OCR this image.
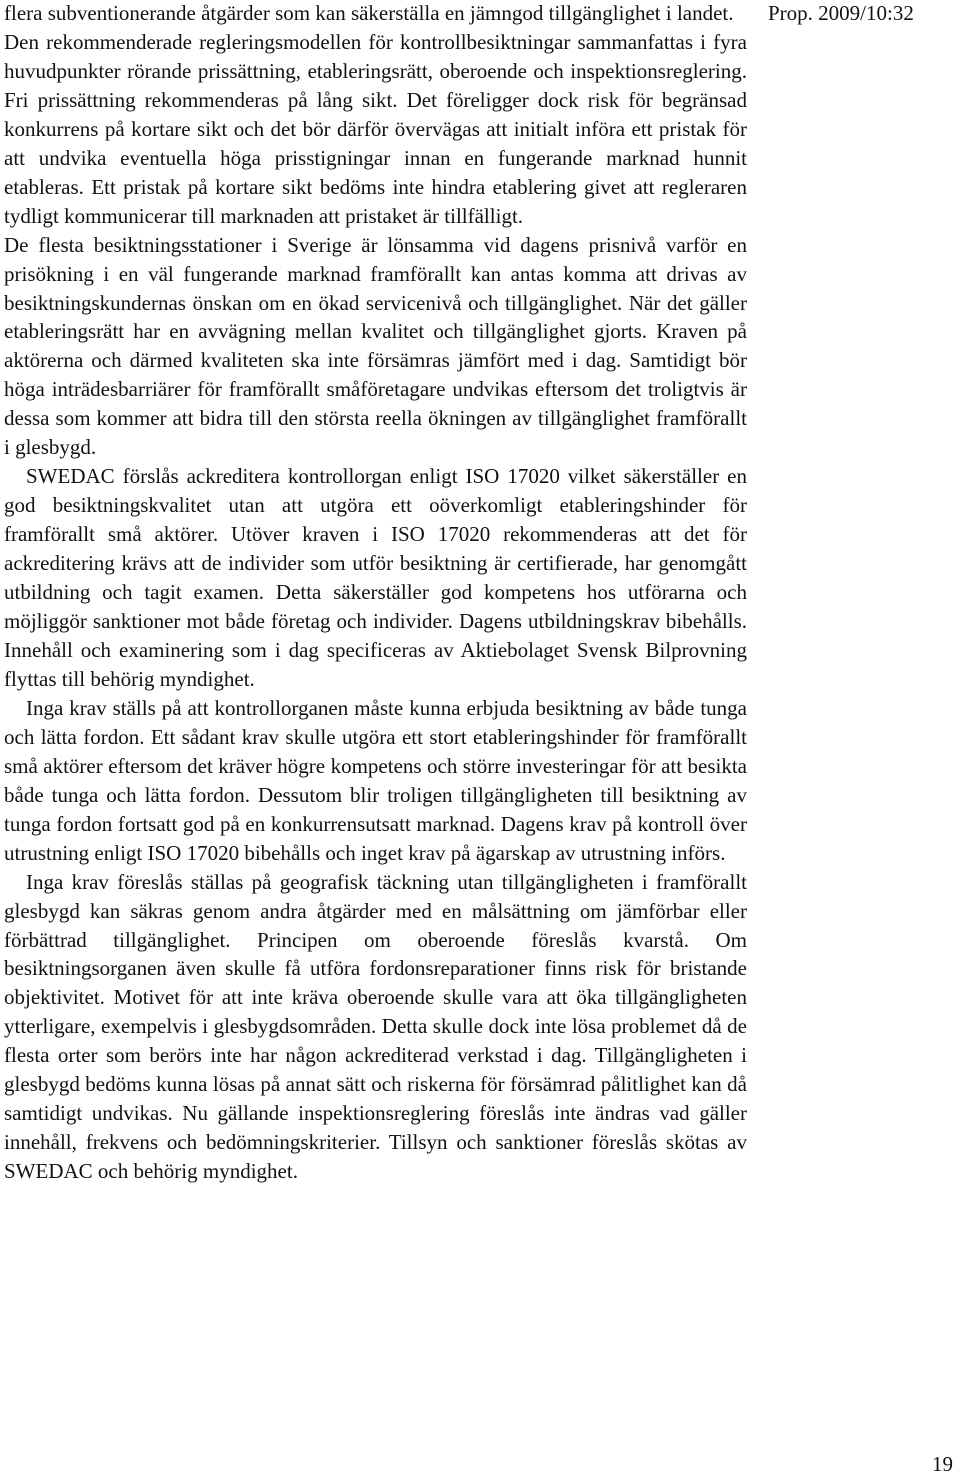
flera subventionerande åtgärder som kan säkerställa en jämngod tillgänglighet i landet.

Den rekommenderade regleringsmodellen för kontrollbesiktningar sammanfattas i fyra huvudpunkter rörande prissättning, etableringsrätt, oberoende och inspektionsreglering. Fri prissättning rekommenderas på lång sikt. Det föreligger dock risk för begränsad konkurrens på kortare sikt och det bör därför övervägas att initialt införa ett pristak för att undvika eventuella höga prisstigningar innan en fungerande marknad hunnit etableras. Ett pristak på kortare sikt bedöms inte hindra etablering givet att regleraren tydligt kommunicerar till marknaden att pristaket är tillfälligt.

De flesta besiktningsstationer i Sverige är lönsamma vid dagens prisnivå varför en prisökning i en väl fungerande marknad framförallt kan antas komma att drivas av besiktningskundernas önskan om en ökad servicenivå och tillgänglighet. När det gäller etableringsrätt har en avvägning mellan kvalitet och tillgänglighet gjorts. Kraven på aktörerna och därmed kvaliteten ska inte försämras jämfört med i dag. Samtidigt bör höga inträdesbarriärer för framförallt småföretagare undvikas eftersom det troligtvis är dessa som kommer att bidra till den största reella ökningen av tillgänglighet framförallt i glesbygd.

SWEDAC förslås ackreditera kontrollorgan enligt ISO 17020 vilket säkerställer en god besiktningskvalitet utan att utgöra ett oöverkomligt etableringshinder för framförallt små aktörer. Utöver kraven i ISO 17020 rekommenderas att det för ackreditering krävs att de individer som utför besiktning är certifierade, har genomgått utbildning och tagit examen. Detta säkerställer god kompetens hos utförarna och möjliggör sanktioner mot både företag och individer. Dagens utbildningskrav bibehålls. Innehåll och examinering som i dag specificeras av Aktiebolaget Svensk Bilprovning flyttas till behörig myndighet.

Inga krav ställs på att kontrollorganen måste kunna erbjuda besiktning av både tunga och lätta fordon. Ett sådant krav skulle utgöra ett stort etableringshinder för framförallt små aktörer eftersom det kräver högre kompetens och större investeringar för att besikta både tunga och lätta fordon. Dessutom blir troligen tillgängligheten till besiktning av tunga fordon fortsatt god på en konkurrensutsatt marknad. Dagens krav på kontroll över utrustning enligt ISO 17020 bibehålls och inget krav på ägarskap av utrustning införs.

Inga krav föreslås ställas på geografisk täckning utan tillgängligheten i framförallt glesbygd kan säkras genom andra åtgärder med en målsättning om jämförbar eller förbättrad tillgänglighet. Principen om oberoende föreslås kvarstå. Om besiktningsorganen även skulle få utföra fordonsreparationer finns risk för bristande objektivitet. Motivet för att inte kräva oberoende skulle vara att öka tillgängligheten ytterligare, exempelvis i glesbygdsområden. Detta skulle dock inte lösa problemet då de flesta orter som berörs inte har någon ackrediterad verkstad i dag. Tillgängligheten i glesbygd bedöms kunna lösas på annat sätt och riskerna för försämrad pålitlighet kan då samtidigt undvikas. Nu gällande inspektionsreglering föreslås inte ändras vad gäller innehåll, frekvens och bedömningskriterier. Tillsyn och sanktioner föreslås skötas av SWEDAC och behörig myndighet.

Prop. 2009/10:32
19
